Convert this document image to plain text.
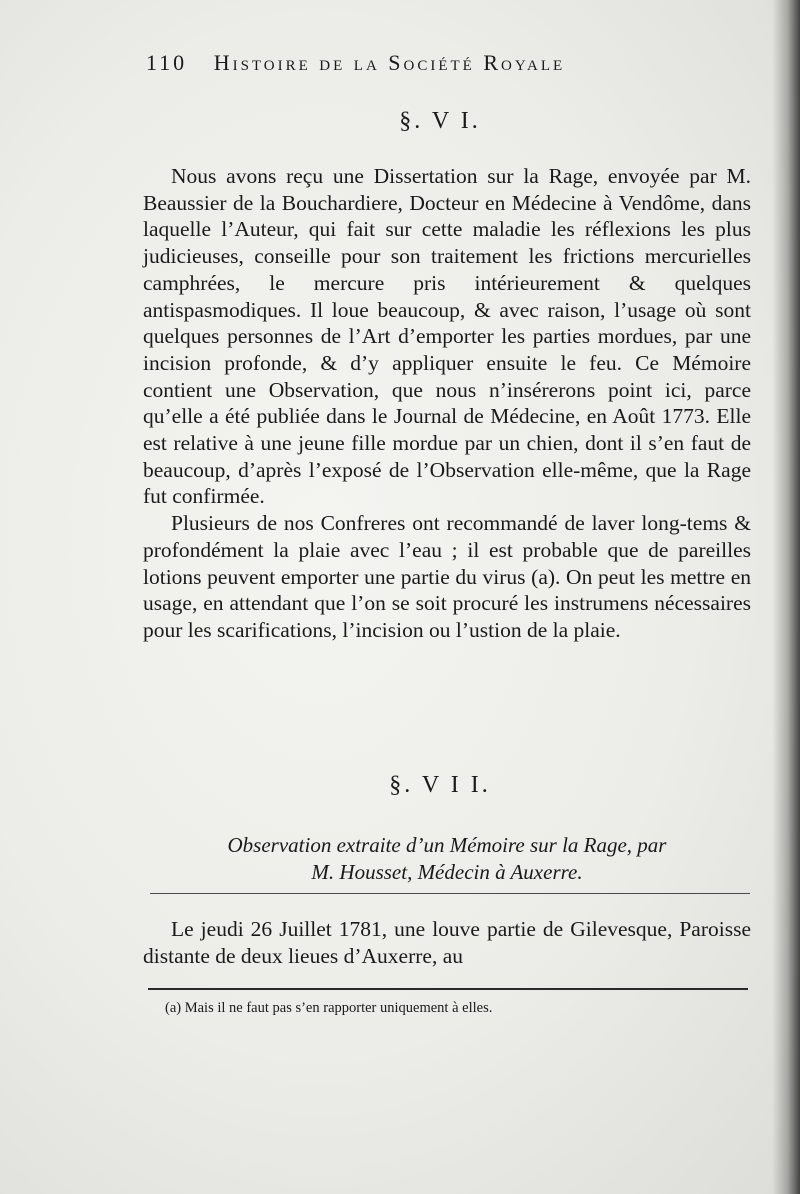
110 Histoire de la Société Royale
§. V I.

Nous avons reçu une Dissertation sur la Rage, envoyée par M. Beaussier de la Bouchardiere, Docteur en Médecine à Vendôme, dans laquelle l’Auteur, qui fait sur cette maladie les réflexions les plus judicieuses, conseille pour son traitement les frictions mercurielles camphrées, le mercure pris intérieurement & quelques antispasmodiques. Il loue beaucoup, & avec raison, l’usage où sont quelques personnes de l’Art d’emporter les parties mordues, par une incision profonde, & d’y appliquer ensuite le feu. Ce Mémoire contient une Observation, que nous n’insérerons point ici, parce qu’elle a été publiée dans le Journal de Médecine, en Août 1773. Elle est relative à une jeune fille mordue par un chien, dont il s’en faut de beaucoup, d’après l’exposé de l’Observation elle-même, que la Rage fut confirmée.

Plusieurs de nos Confreres ont recommandé de laver long-tems & profondément la plaie avec l’eau ; il est probable que de pareilles lotions peuvent emporter une partie du virus (a). On peut les mettre en usage, en attendant que l’on se soit procuré les instrumens nécessaires pour les scarifications, l’incision ou l’ustion de la plaie.

§. V I I.
Observation extraite d’un Mémoire sur la Rage, par
M. Housset, Médecin à Auxerre.

Le jeudi 26 Juillet 1781, une louve partie de Gilevesque, Paroisse distante de deux lieues d’Auxerre, au

(a) Mais il ne faut pas s’en rapporter uniquement à elles.
